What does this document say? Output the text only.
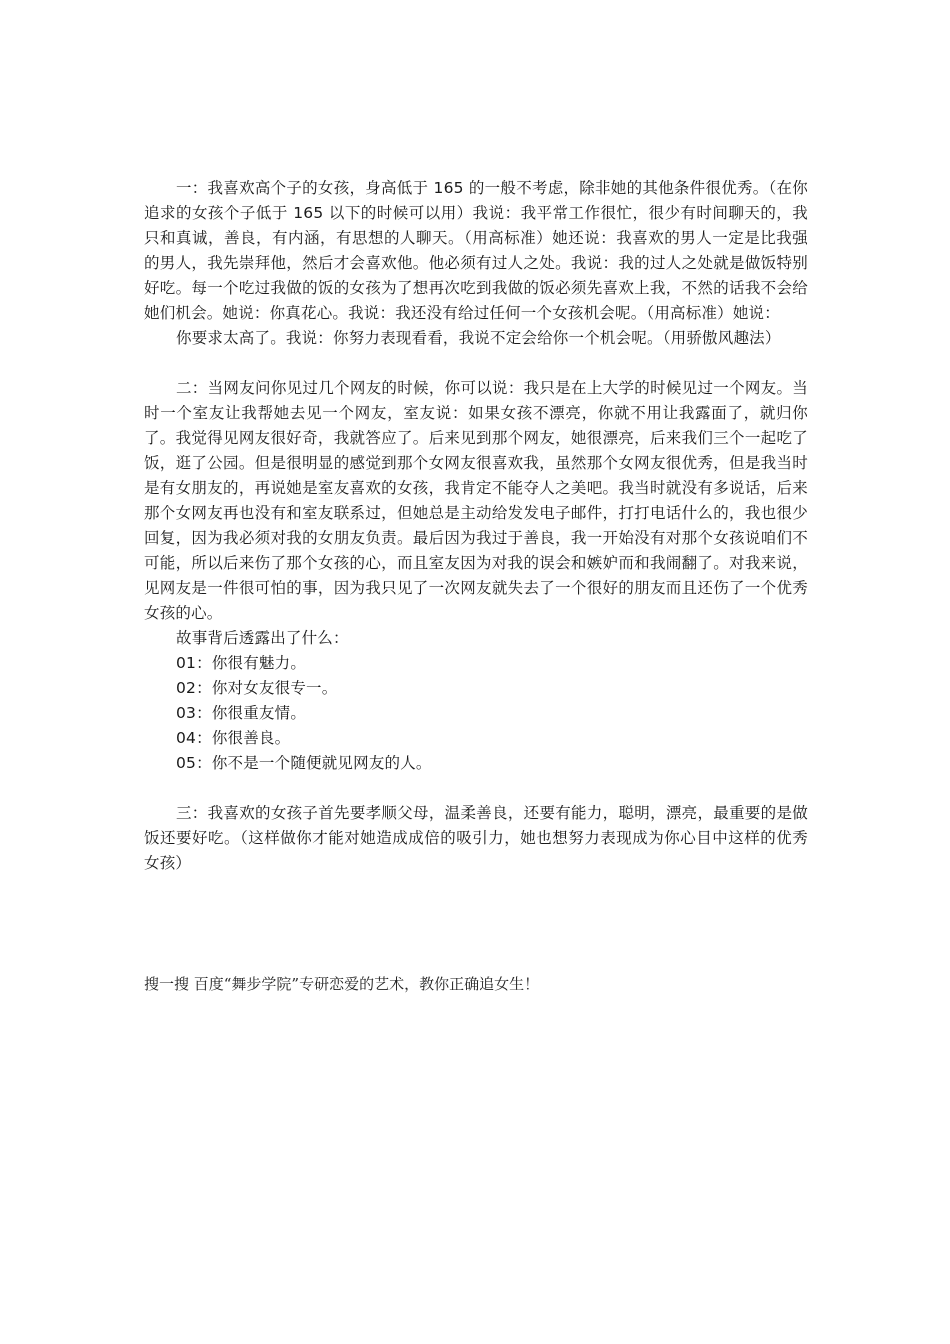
一：我喜欢高个子的女孩，身高低于 165 的一般不考虑，除非她的其他条件很优秀。（在你追求的女孩个子低于 165 以下的时候可以用）我说：我平常工作很忙，很少有时间聊天的，我只和真诚，善良，有内涵，有思想的人聊天。（用高标准）她还说：我喜欢的男人一定是比我强的男人，我先崇拜他，然后才会喜欢他。他必须有过人之处。我说：我的过人之处就是做饭特别好吃。每一个吃过我做的饭的女孩为了想再次吃到我做的饭必须先喜欢上我，不然的话我不会给她们机会。她说：你真花心。我说：我还没有给过任何一个女孩机会呢。（用高标准）她说：

你要求太高了。我说：你努力表现看看，我说不定会给你一个机会呢。（用骄傲风趣法）

二：当网友问你见过几个网友的时候，你可以说：我只是在上大学的时候见过一个网友。当时一个室友让我帮她去见一个网友，室友说：如果女孩不漂亮，你就不用让我露面了，就归你了。我觉得见网友很好奇，我就答应了。后来见到那个网友，她很漂亮，后来我们三个一起吃了饭，逛了公园。但是很明显的感觉到那个女网友很喜欢我，虽然那个女网友很优秀，但是我当时是有女朋友的，再说她是室友喜欢的女孩，我肯定不能夺人之美吧。我当时就没有多说话，后来那个女网友再也没有和室友联系过，但她总是主动给发发电子邮件，打打电话什么的，我也很少回复，因为我必须对我的女朋友负责。最后因为我过于善良，我一开始没有对那个女孩说咱们不可能，所以后来伤了那个女孩的心，而且室友因为对我的误会和嫉妒而和我闹翻了。对我来说，见网友是一件很可怕的事，因为我只见了一次网友就失去了一个很好的朋友而且还伤了一个优秀女孩的心。

故事背后透露出了什么：

01：你很有魅力。

02：你对女友很专一。

03：你很重友情。

04：你很善良。

05：你不是一个随便就见网友的人。

三：我喜欢的女孩子首先要孝顺父母，温柔善良，还要有能力，聪明，漂亮，最重要的是做饭还要好吃。（这样做你才能对她造成成倍的吸引力，她也想努力表现成为你心目中这样的优秀女孩）

搜一搜 百度“舞步学院”专研恋爱的艺术，教你正确追女生！
